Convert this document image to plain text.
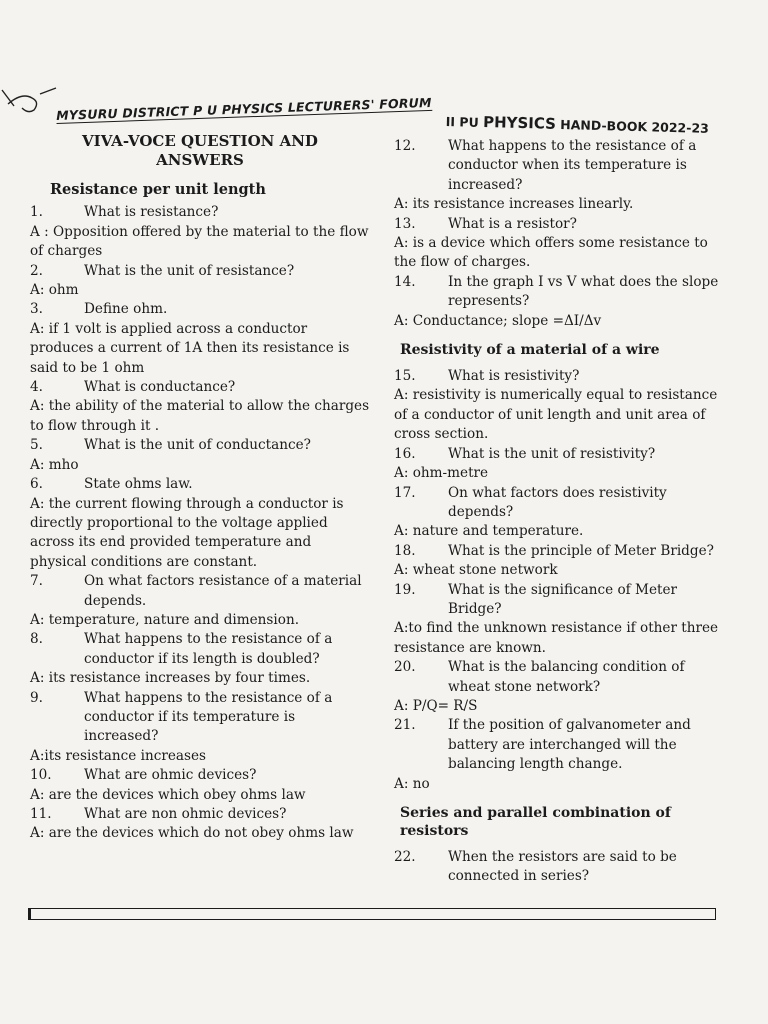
MYSURU DISTRICT P U PHYSICS LECTURERS' FORUM II PU PHYSICS HAND-BOOK 2022-23
VIVA-VOCE QUESTION AND ANSWERS
Resistance per unit length
1.	What is resistance?
A : Opposition offered by the material to the flow of charges
2.	What is the unit of resistance?
A: ohm
3.	Define ohm.
A: if 1 volt is applied across a conductor produces a current of 1A then its resistance is said to be 1 ohm
4.	What is conductance?
A: the ability of the material to allow the charges to flow through it .
5.	What is the unit of conductance?
A: mho
6.	State ohms law.
A: the current flowing through a conductor is directly proportional to the voltage applied across its end provided temperature and physical conditions are constant.
7.	On what factors resistance of a material depends.
A: temperature, nature and dimension.
8.	What happens to the resistance of a conductor if its length is doubled?
A: its resistance increases by four times.
9.	What happens to the resistance of a conductor if its temperature is increased?
A:its resistance increases
10.	What are ohmic devices?
A: are the devices which obey ohms law
11.	What are non ohmic devices?
A: are the devices which do not obey ohms law
12.	What happens to the resistance of a conductor when its temperature is increased?
A: its resistance increases linearly.
13.	What is a resistor?
A: is a device which offers some resistance to the flow of charges.
14.	In the graph I vs V what does the slope represents?
A: Conductance; slope =ΔI/Δv
Resistivity of a material of a wire
15.	What is resistivity?
A: resistivity is numerically equal to resistance of a conductor of unit length and unit area of cross section.
16.	What is the unit of resistivity?
A: ohm-metre
17.	On what factors does resistivity depends?
A: nature and temperature.
18.	What is the principle of Meter Bridge?
A: wheat stone network
19.	What is the significance of Meter Bridge?
A:to find the unknown resistance if other three resistance are known.
20.	What is the balancing condition of wheat stone network?
A: P/Q= R/S
21.	If the position of galvanometer and battery are interchanged will the balancing length change.
A: no
Series and parallel combination of resistors
22.	When the resistors are said to be connected in series?
